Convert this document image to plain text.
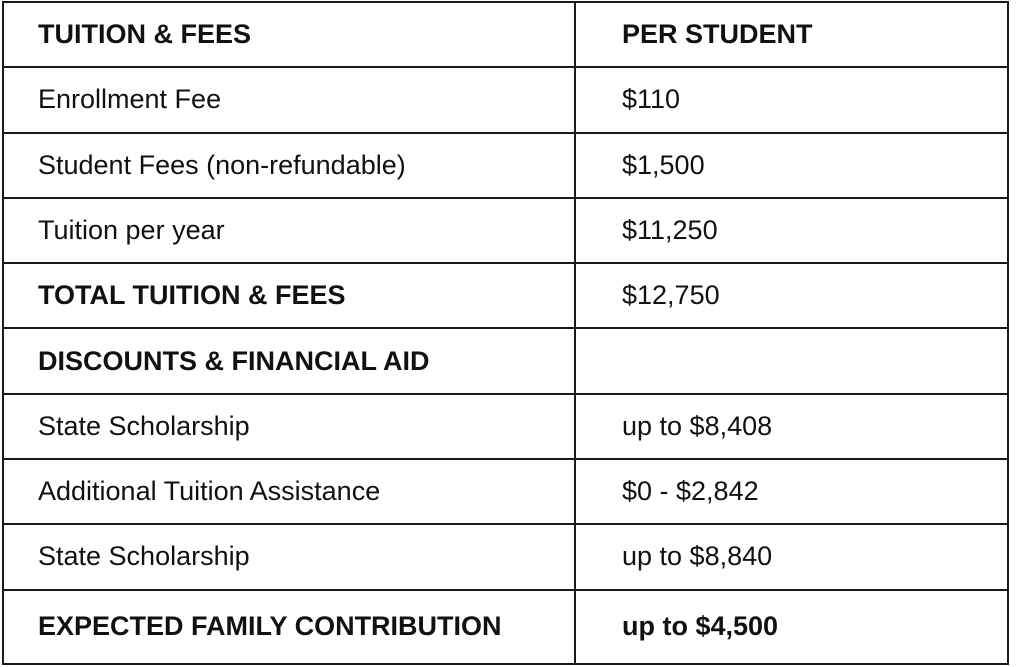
TUITION & FEES	PER STUDENT
Enrollment Fee	$110
Student Fees (non-refundable)	$1,500
Tuition per year	$11,250
TOTAL TUITION & FEES	$12,750
DISCOUNTS & FINANCIAL AID	
State Scholarship	up to $8,408
Additional Tuition Assistance	$0 - $2,842
State Scholarship	up to $8,840
EXPECTED FAMILY CONTRIBUTION	up to $4,500
